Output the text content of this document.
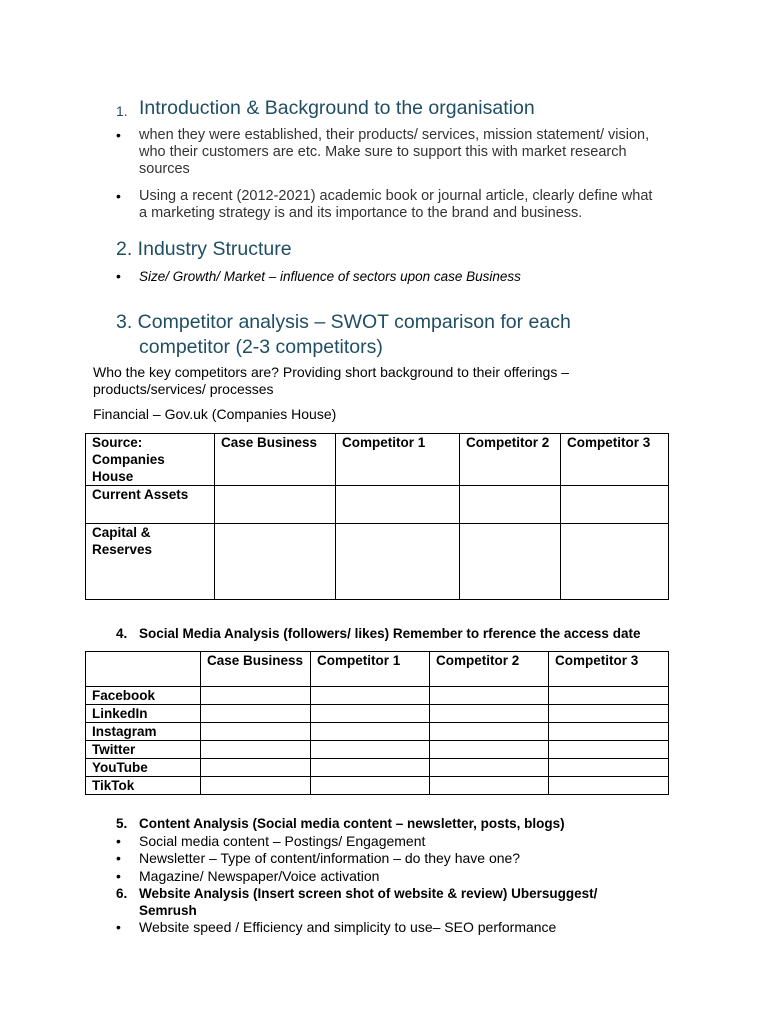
1. Introduction & Background to the organisation
• when they were established, their products/ services, mission statement/ vision, who their customers are etc. Make sure to support this with market research sources
• Using a recent (2012-2021) academic book or journal article, clearly define what a marketing strategy is and its importance to the brand and business.
2. Industry Structure
• Size/ Growth/ Market – influence of sectors upon case Business
3. Competitor analysis – SWOT comparison for each
competitor (2-3 competitors)
Who the key competitors are? Providing short background to their offerings – products/services/ processes
Financial – Gov.uk (Companies House)
Source: Companies House	Case Business	Competitor 1	Competitor 2	Competitor 3
Current Assets				
Capital & Reserves				
4. Social Media Analysis (followers/ likes) Remember to rference the access date
	Case Business	Competitor 1	Competitor 2	Competitor 3
Facebook				
LinkedIn				
Instagram				
Twitter				
YouTube				
TikTok				
5. Content Analysis (Social media content – newsletter, posts, blogs)
• Social media content – Postings/ Engagement
• Newsletter – Type of content/information – do they have one?
• Magazine/ Newspaper/Voice activation
6. Website Analysis (Insert screen shot of website & review) Ubersuggest/
Semrush
• Website speed / Efficiency and simplicity to use– SEO performance
